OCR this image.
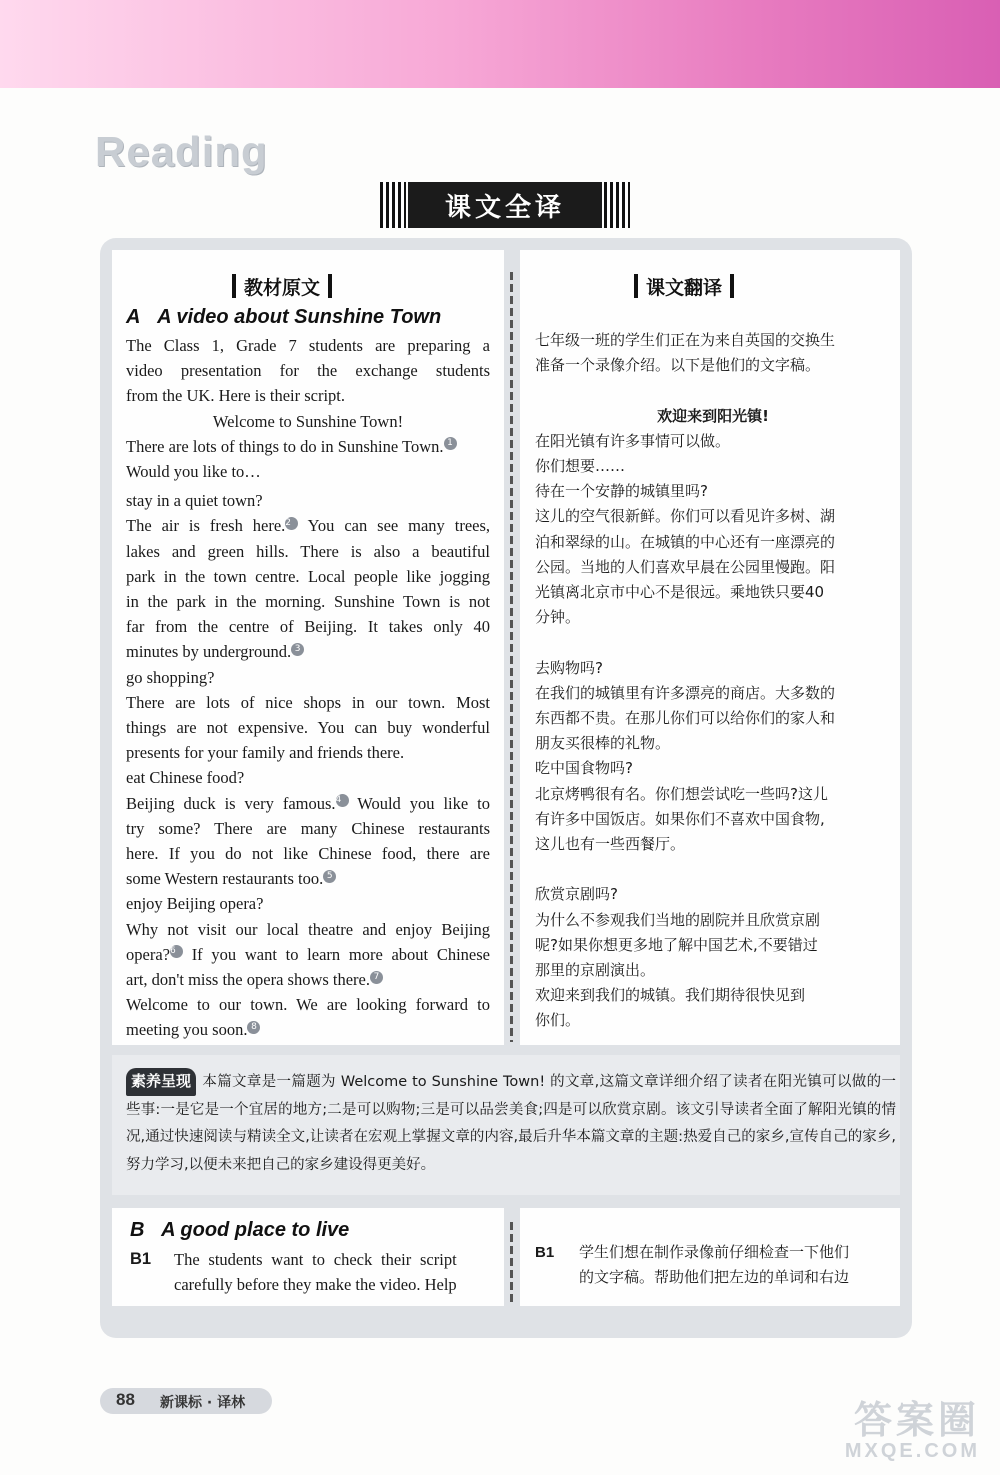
Reading
课文全译
教材原文	课文翻译
A A video about Sunshine Town

The Class 1, Grade 7 students are preparing a

video presentation for the exchange students

from the UK. Here is their script.

Welcome to Sunshine Town!

There are lots of things to do in Sunshine Town. 1

Would you like to…

stay in a quiet town?

The air is fresh here.2 You can see many trees,

lakes and green hills. There is also a beautiful

park in the town centre. Local people like jogging

in the park in the morning. Sunshine Town is not

far from the centre of Beijing. It takes only 40

minutes by underground. 3

go shopping?

There are lots of nice shops in our town. Most

things are not expensive. You can buy wonderful

presents for your family and friends there.

eat Chinese food?

Beijing duck is very famous.4 Would you like to

try some? There are many Chinese restaurants

here. If you do not like Chinese food, there are

some Western restaurants too. 5

enjoy Beijing opera?

Why not visit our local theatre and enjoy Beijing

opera?6 If you want to learn more about Chinese

art, don't miss the opera shows there. 7

Welcome to our town. We are looking forward to

meeting you soon. 8

七年级一班的学生们正在为来自英国的交换生

准备一个录像介绍。以下是他们的文字稿。

欢迎来到阳光镇!

在阳光镇有许多事情可以做。

你们想要……

待在一个安静的城镇里吗?

这儿的空气很新鲜。你们可以看见许多树、湖

泊和翠绿的山。在城镇的中心还有一座漂亮的

公园。当地的人们喜欢早晨在公园里慢跑。阳

光镇离北京市中心不是很远。乘地铁只要40

分钟。

去购物吗?

在我们的城镇里有许多漂亮的商店。大多数的

东西都不贵。在那儿你们可以给你们的家人和

朋友买很棒的礼物。

吃中国食物吗?

北京烤鸭很有名。你们想尝试吃一些吗?这儿

有许多中国饭店。如果你们不喜欢中国食物,

这儿也有一些西餐厅。

欣赏京剧吗?

为什么不参观我们当地的剧院并且欣赏京剧

呢?如果你想更多地了解中国艺术,不要错过

那里的京剧演出。

欢迎来到我们的城镇。我们期待很快见到

你们。

素养呈现 本篇文章是一篇题为 Welcome to Sunshine Town! 的文章,这篇文章详细介绍了读者在阳光镇可以做的一些事:一是它是一个宜居的地方;二是可以购物;三是可以品尝美食;四是可以欣赏京剧。该文引导读者全面了解阳光镇的情况,通过快速阅读与精读全文,让读者在宏观上掌握文章的内容,最后升华本篇文章的主题:热爱自己的家乡,宣传自己的家乡,努力学习,以便未来把自己的家乡建设得更美好。
B A good place to live
B1	The students want to check their script
carefully before they make the video. Help
B1	学生们想在制作录像前仔细检查一下他们
的文字稿。帮助他们把左边的单词和右边
88 新课标 · 译林	答案圈
MXQE.COM
